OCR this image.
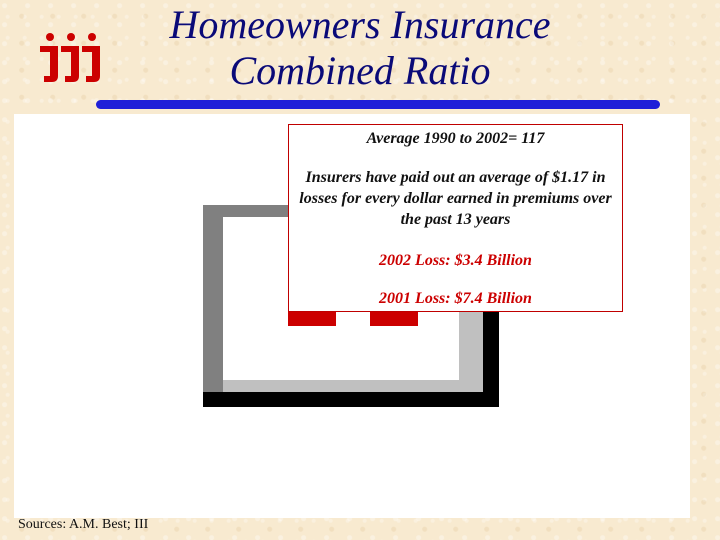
Homeowners Insurance
Combined Ratio
Average 1990 to 2002= 117
Insurers have paid out an average of $1.17 in losses for every dollar earned in premiums over the past 13 years
2002 Loss: $3.4 Billion
2001 Loss: $7.4 Billion
Sources: A.M. Best; III
